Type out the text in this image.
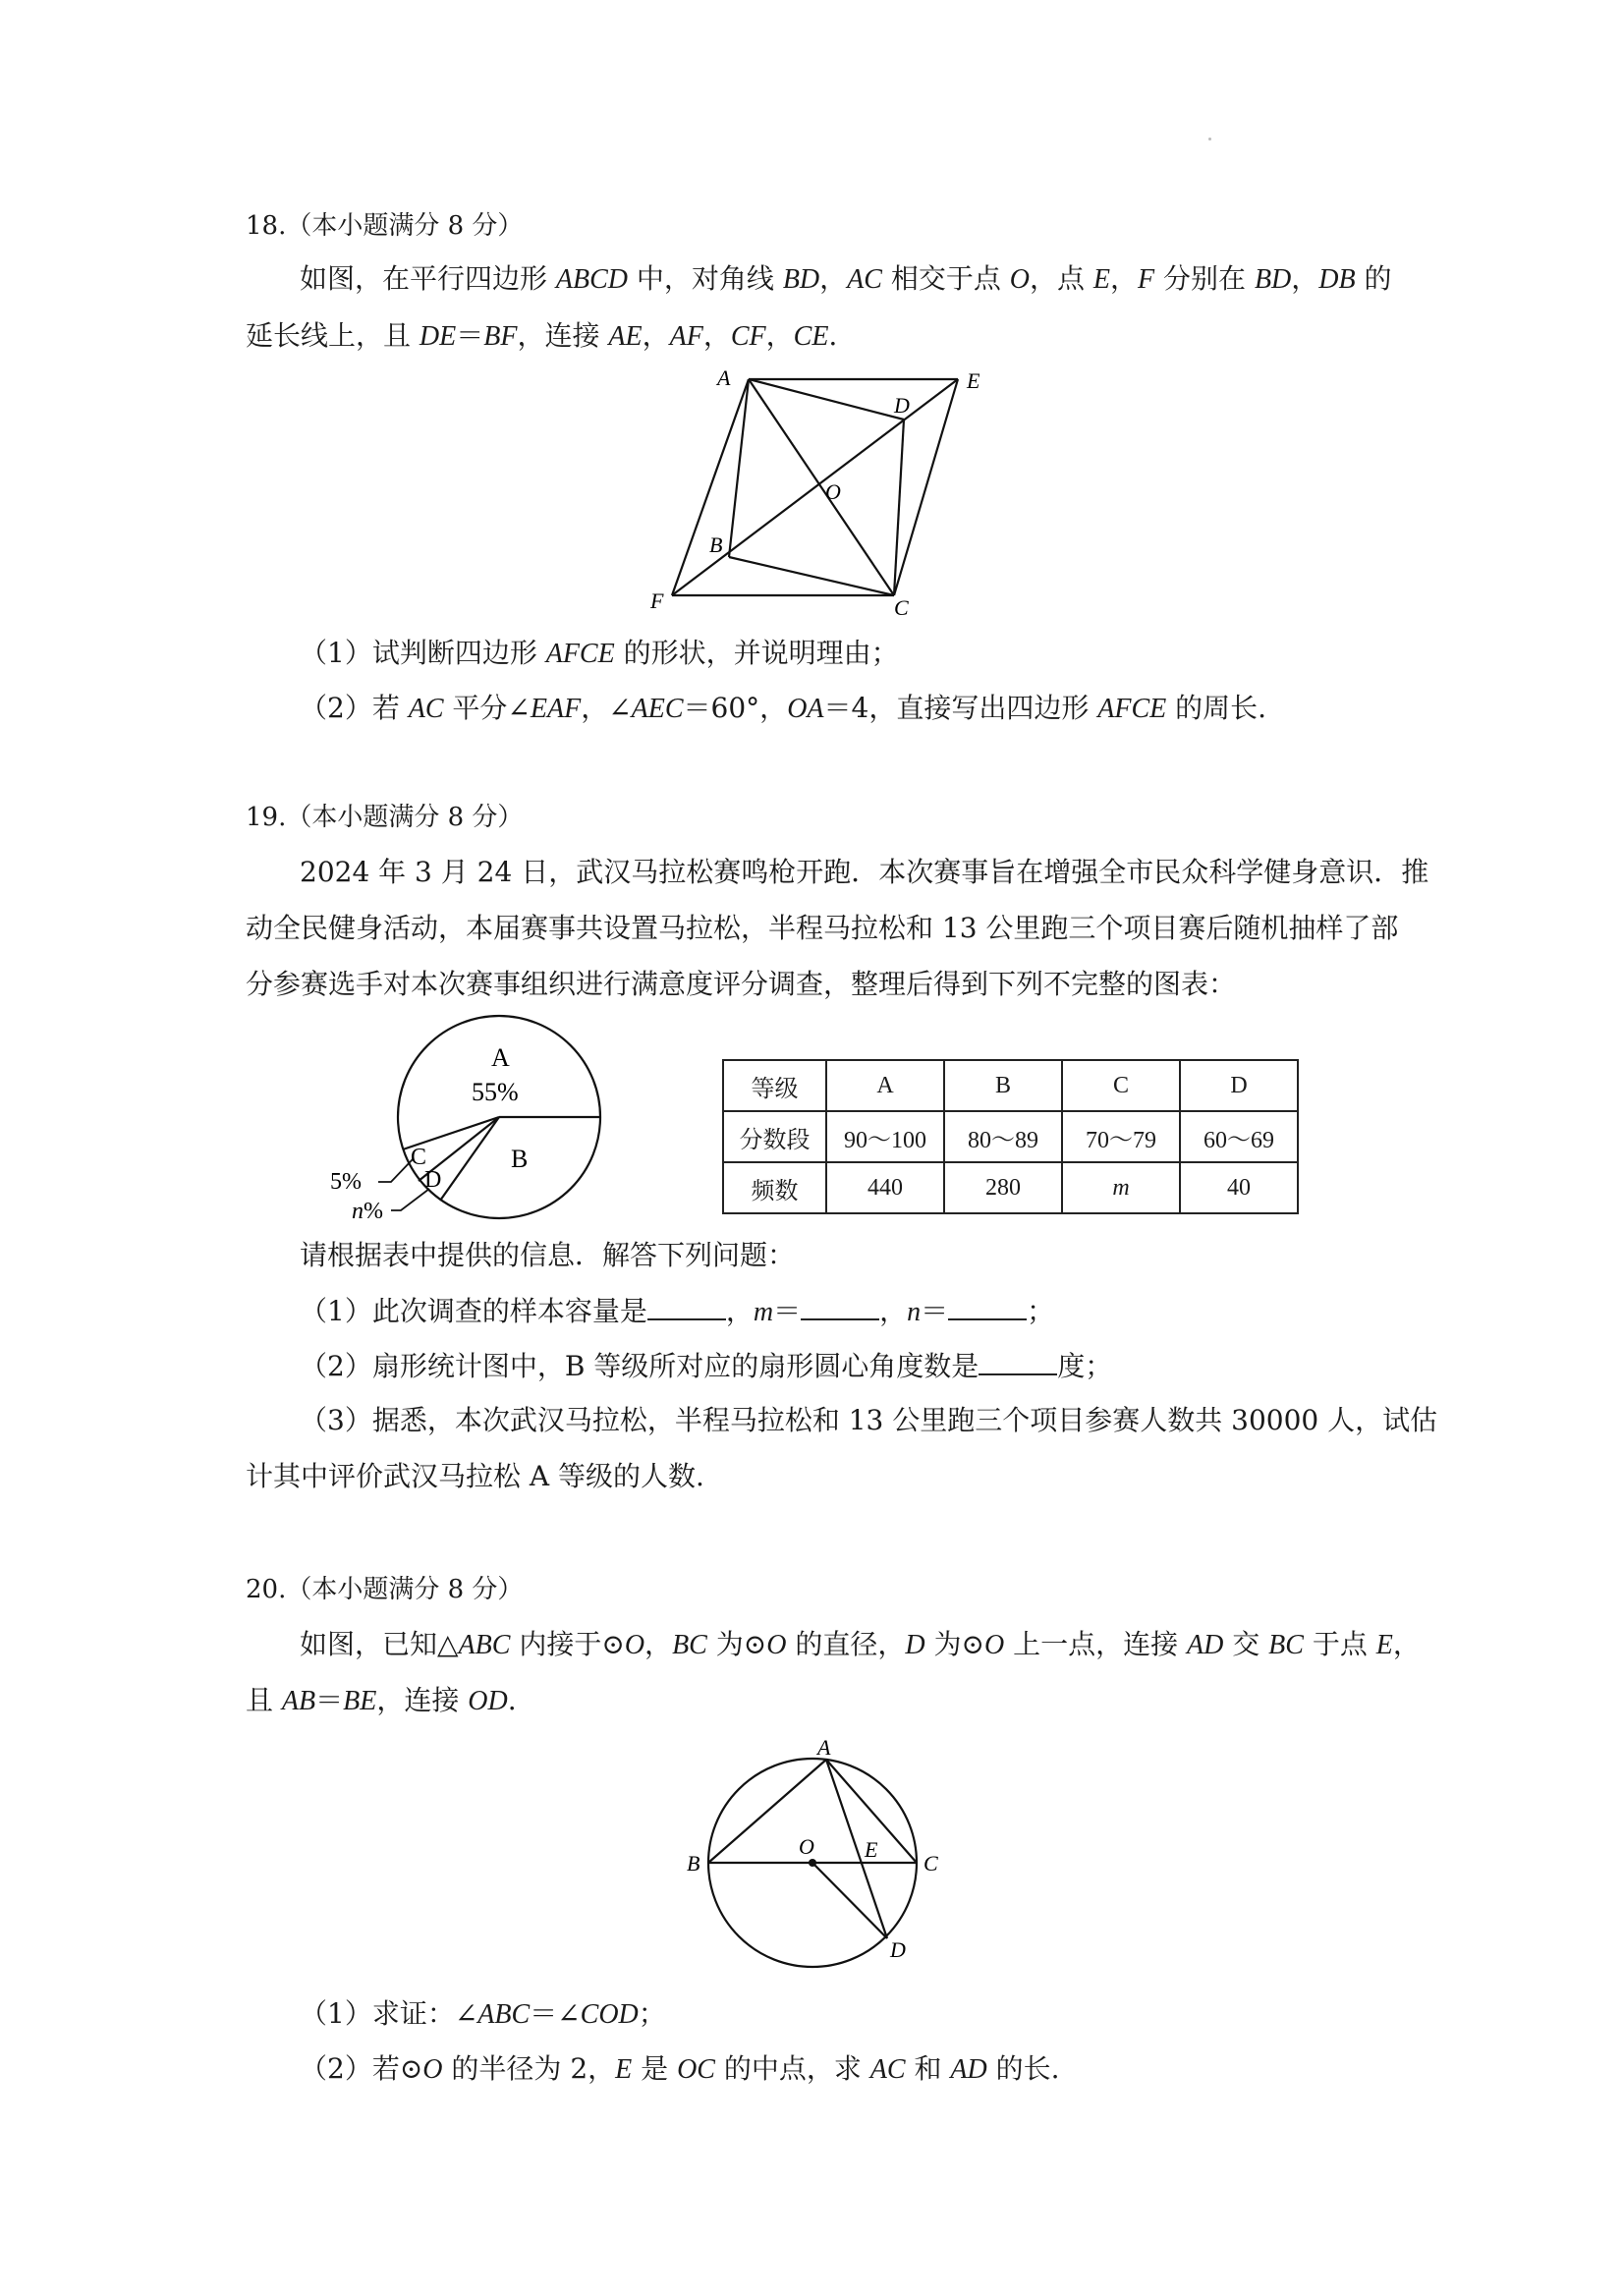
18.（本小题满分 8 分）
如图，在平行四边形 ABCD 中，对角线 BD，AC 相交于点 O，点 E，F 分别在 BD，DB 的
延长线上，且 DE＝BF，连接 AE，AF，CF，CE.
A
D
E
O
B
F	C
（1）试判断四边形 AFCE 的形状，并说明理由；
（2）若 AC 平分∠EAF，∠AEC＝60°，OA＝4，直接写出四边形 AFCE 的周长.
19.（本小题满分 8 分）
2024 年 3 月 24 日，武汉马拉松赛鸣枪开跑．本次赛事旨在增强全市民众科学健身意识．推
动全民健身活动，本届赛事共设置马拉松，半程马拉松和 13 公里跑三个项目赛后随机抽样了部
分参赛选手对本次赛事组织进行满意度评分调查，整理后得到下列不完整的图表：
A
55%
B
C
D
5%
n%
等级	A	B	C	D
分数段	90～100	80～89	70～79	60～69
频数	440	280	m	40
请根据表中提供的信息．解答下列问题：
（1）此次调查的样本容量是	，m＝	，n＝	；
（2）扇形统计图中，B 等级所对应的扇形圆心角度数是	度；
（3）据悉，本次武汉马拉松，半程马拉松和 13 公里跑三个项目参赛人数共 30000 人，试估
计其中评价武汉马拉松 A 等级的人数.
20.（本小题满分 8 分）
如图，已知△ABC 内接于⊙O，BC 为⊙O 的直径，D 为⊙O 上一点，连接 AD 交 BC 于点 E，
且 AB＝BE，连接 OD.
A
B
O E
C
D
（1）求证：∠ABC＝∠COD；
（2）若⊙O 的半径为 2，E 是 OC 的中点，求 AC 和 AD 的长.
